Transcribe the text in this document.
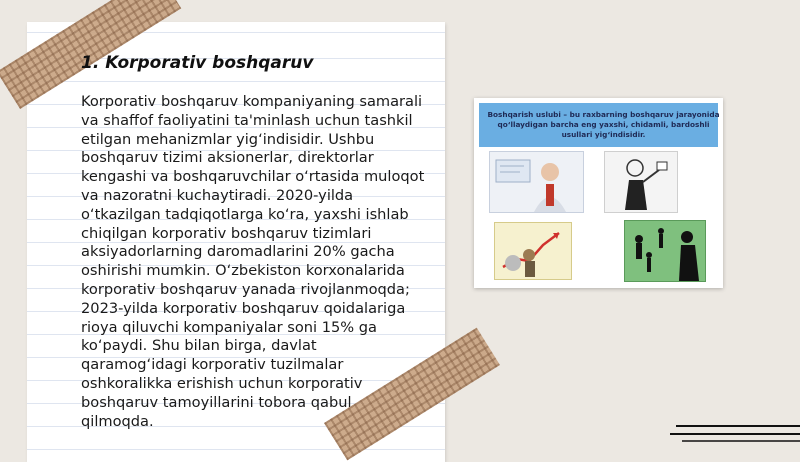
1. Korporativ boshqaruv

Korporativ boshqaruv kompaniyaning samarali va shaffof faoliyatini ta'minlash uchun tashkil etilgan mehanizmlar yig‘indisidir. Ushbu boshqaruv tizimi aksionerlar, direktorlar kengashi va boshqaruvchilar o‘rtasida muloqot va nazoratni kuchaytiradi. 2020-yilda o‘tkazilgan tadqiqotlarga ko‘ra, yaxshi ishlab chiqilgan korporativ boshqaruv tizimlari aksiyadorlarning daromadlarini 20% gacha oshirishi mumkin. O‘zbekiston korxonalarida korporativ boshqaruv yanada rivojlanmoqda; 2023-yilda korporativ boshqaruv qoidalariga rioya qiluvchi kompaniyalar soni 15% ga ko‘paydi. Shu bilan birga, davlat qaramog‘idagi korporativ tuzilmalar oshkoralikka erishish uchun korporativ boshqaruv tamoyillarini tobora qabul qilmoqda.

Boshqarish uslubi – bu raxbarning boshqaruv jarayonida qo‘llaydigan barcha eng yaxshi, chidamli, bardoshli usullari yig‘indisidir.
